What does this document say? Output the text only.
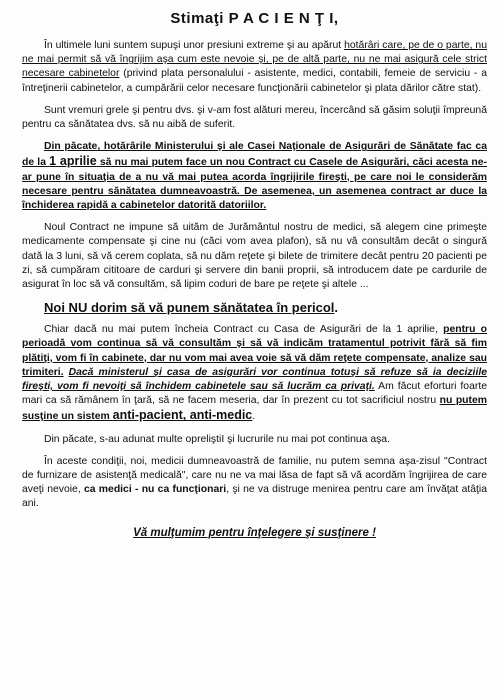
Stimaţi P A C I E N Ţ I,

În ultimele luni suntem supuşi unor presiuni extreme şi au apărut hotărâri care, pe de o parte, nu ne mai permit să vă îngrijim aşa cum este nevoie şi, pe de altă parte, nu ne mai asigură cele strict necesare cabinetelor (privind plata personalului - asistente, medici, contabili, femeie de serviciu - a întreţinerii cabinetelor, a cumpărării celor necesare funcţionării cabinetelor şi plata dărilor către stat).

Sunt vremuri grele şi pentru dvs. şi v-am fost alături mereu, încercând să găsim soluţii împreună pentru ca sănătatea dvs. să nu aibă de suferit.

Din păcate, hotărârile Ministerului şi ale Casei Naţionale de Asigurări de Sănătate fac ca de la 1 aprilie să nu mai putem face un nou Contract cu Casele de Asigurări, căci acesta ne-ar pune în situaţia de a nu vă mai putea acorda îngrijirile fireşti, pe care noi le considerăm necesare pentru sănătatea dumneavoastră. De asemenea, un asemenea contract ar duce la închiderea rapidă a cabinetelor datorită datoriilor.

Noul Contract ne impune să uităm de Jurământul nostru de medici, să alegem cine primeşte medicamente compensate şi cine nu (căci vom avea plafon), să nu vă consultăm decât o singură dată la 3 luni, să vă cerem coplata, să nu dăm reţete şi bilete de trimitere decât pentru 20 pacienti pe zi, să cumpăram cititoare de carduri şi servere din banii proprii, să introducem date pe cardurile de asigurat în loc să vă consultăm, să lipim coduri de bare pe reţete şi altele ...

Noi NU dorim să vă punem sănătatea în pericol.

Chiar dacă nu mai putem încheia Contract cu Casa de Asigurări de la 1 aprilie, pentru o perioadă vom continua să vă consultăm şi să vă indicăm tratamentul potrivit fără să fim plătiţi, vom fi în cabinete, dar nu vom mai avea voie să vă dăm reţete compensate, analize sau trimiteri. Dacă ministerul şi casa de asigurări vor continua totuşi să refuze să ia deciziile fireşti, vom fi nevoiţi să închidem cabinetele sau să lucrăm ca privaţi. Am făcut eforturi foarte mari ca să rămânem în ţară, să ne facem meseria, dar în prezent cu tot sacrificiul nostru nu putem susţine un sistem anti-pacient, anti-medic.

Din păcate, s-au adunat multe opreliştiI şi lucrurile nu mai pot continua aşa.

În aceste condiţii, noi, medicii dumneavoastră de familie, nu putem semna aşa-zisul "Contract de furnizare de asistenţă medicală", care nu ne va mai lăsa de fapt să vă acordăm îngrijirea de care aveţi nevoie, ca medici - nu ca funcţionari, şi ne va distruge menirea pentru care am învăţat atâţia ani.

Vă mulţumim pentru înţelegere şi susţinere !
